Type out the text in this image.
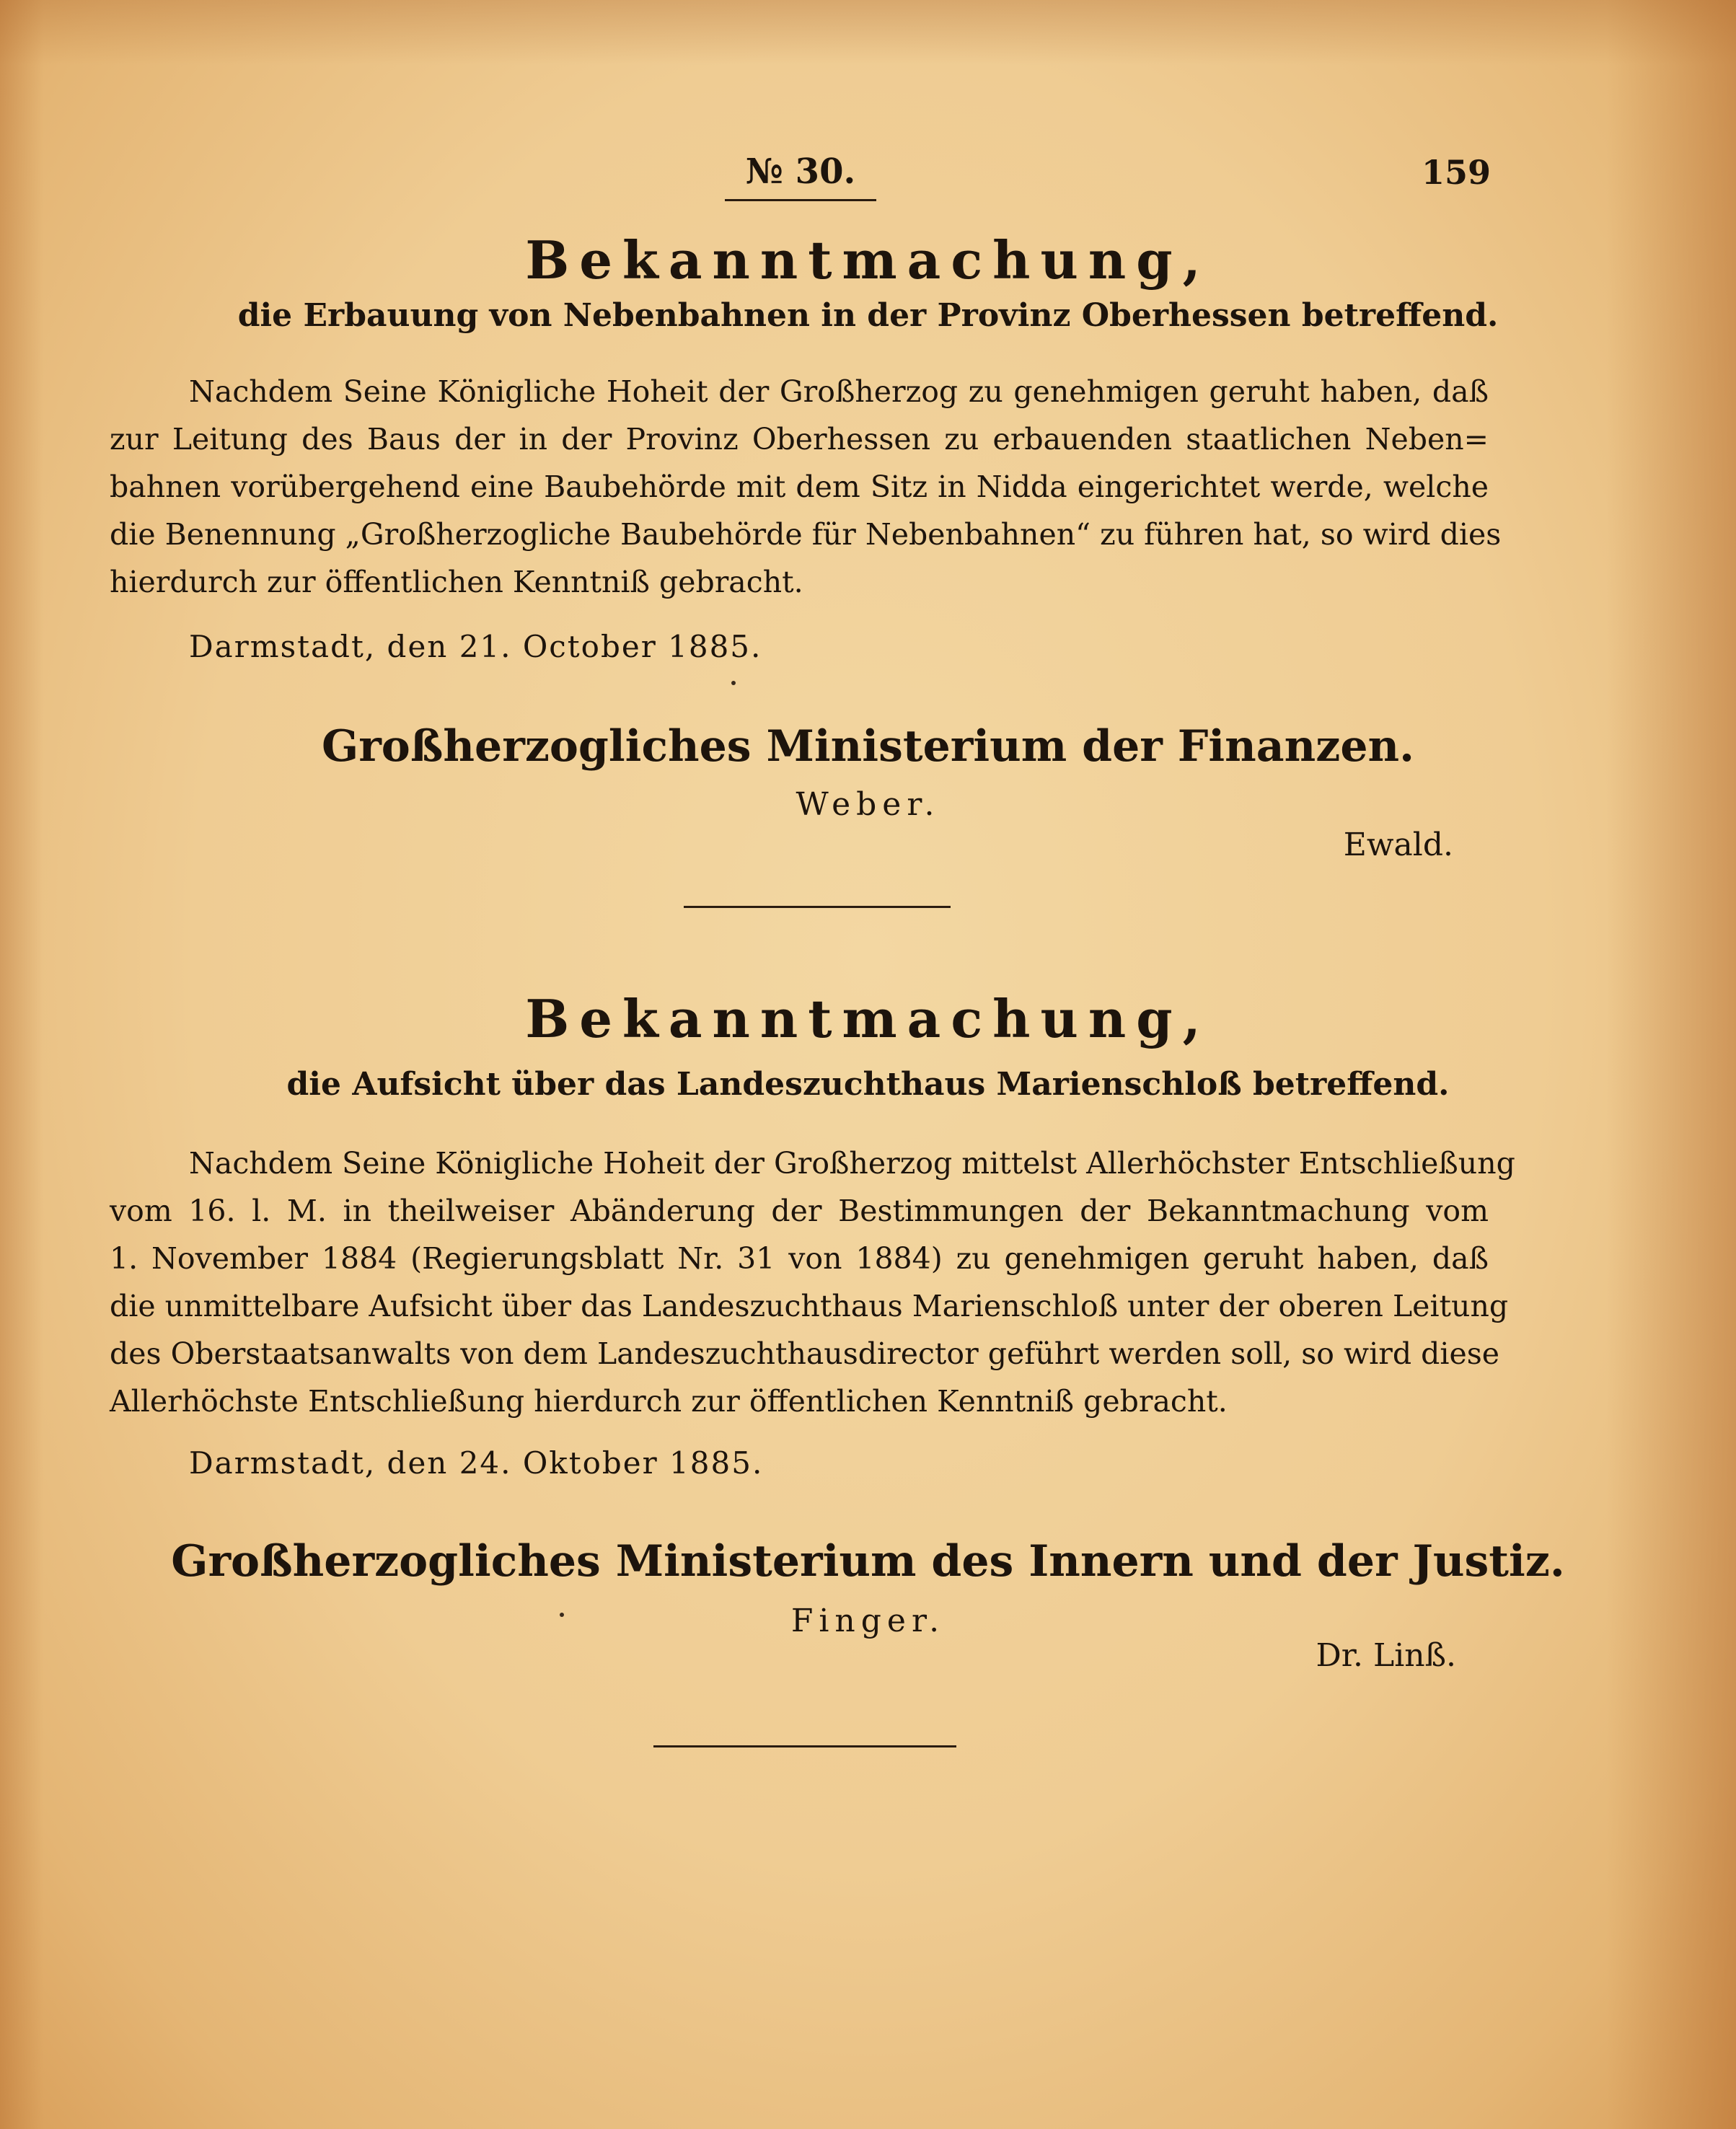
№ 30.	159
Bekanntmachung,
die Erbauung von Nebenbahnen in der Provinz Oberhessen betreffend.
Nachdem Seine Königliche Hoheit der Großherzog zu genehmigen geruht haben, daß
zur Leitung des Baus der in der Provinz Oberhessen zu erbauenden staatlichen Neben=
bahnen vorübergehend eine Baubehörde mit dem Sitz in Nidda eingerichtet werde, welche
die Benennung „Großherzogliche Baubehörde für Nebenbahnen“ zu führen hat, so wird dies
hierdurch zur öffentlichen Kenntniß gebracht.
Darmstadt, den 21. October 1885.
Großherzogliches Ministerium der Finanzen.
Weber.
Ewald.
Bekanntmachung,
die Aufsicht über das Landeszuchthaus Marienschloß betreffend.
Nachdem Seine Königliche Hoheit der Großherzog mittelst Allerhöchster Entschließung
vom 16. l. M. in theilweiser Abänderung der Bestimmungen der Bekanntmachung vom
1. November 1884 (Regierungsblatt Nr. 31 von 1884) zu genehmigen geruht haben, daß
die unmittelbare Aufsicht über das Landeszuchthaus Marienschloß unter der oberen Leitung
des Oberstaatsanwalts von dem Landeszuchthausdirector geführt werden soll, so wird diese
Allerhöchste Entschließung hierdurch zur öffentlichen Kenntniß gebracht.
Darmstadt, den 24. Oktober 1885.
Großherzogliches Ministerium des Innern und der Justiz.
Finger.
Dr. Linß.
